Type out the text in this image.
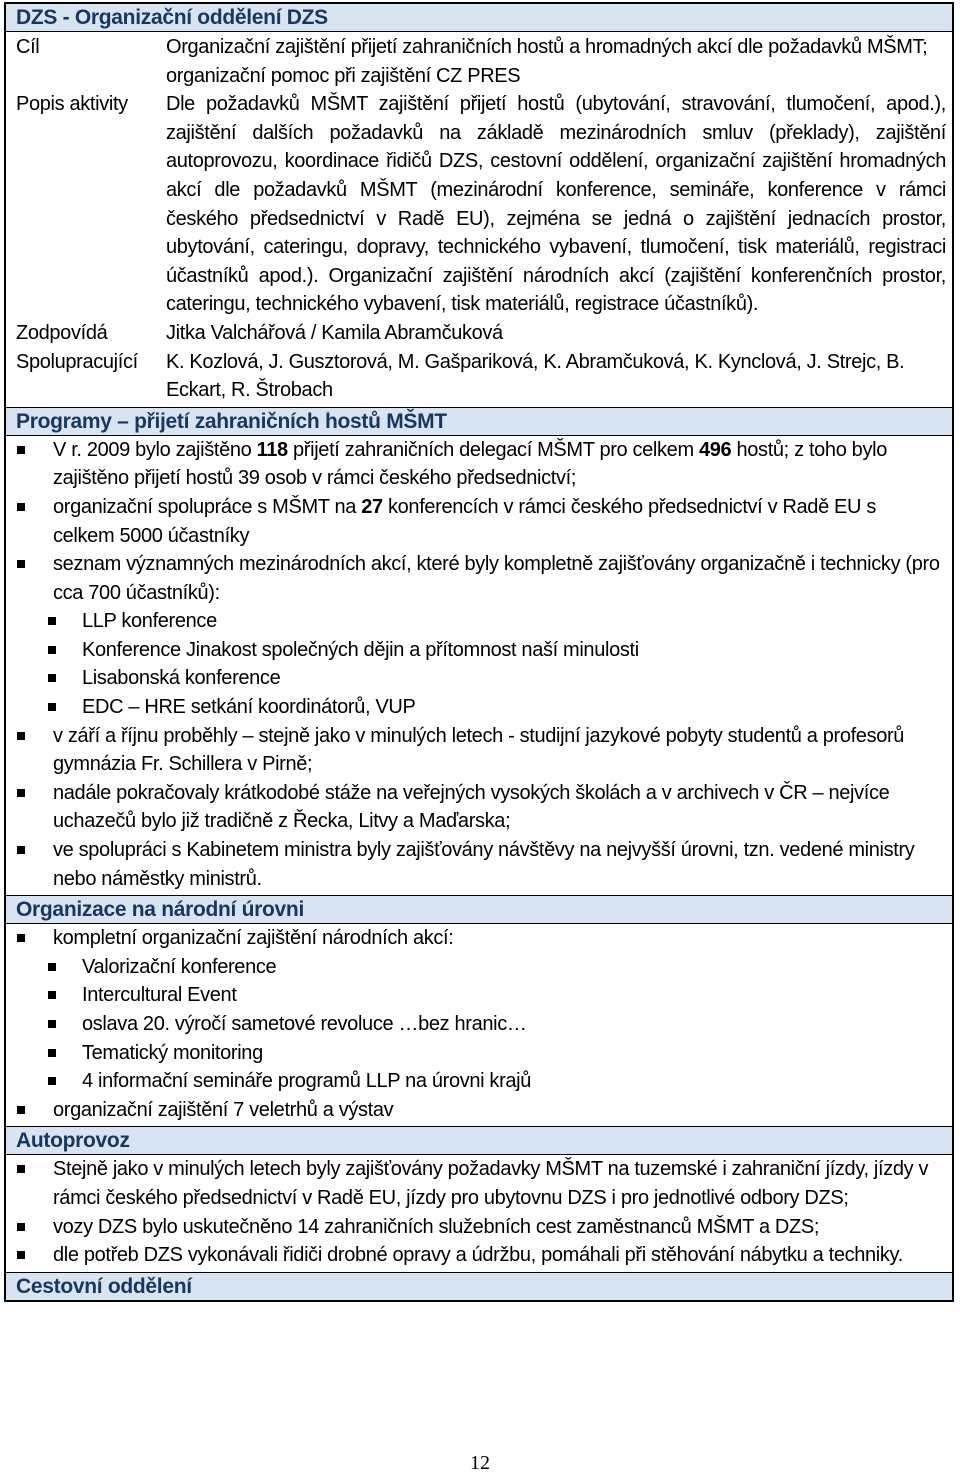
DZS - Organizační oddělení DZS
Cíl	Organizační zajištění přijetí zahraničních hostů a hromadných akcí dle požadavků MŠMT; organizační pomoc při zajištění CZ PRES
Popis aktivity	Dle požadavků MŠMT zajištění přijetí hostů (ubytování, stravování, tlumočení, apod.), zajištění dalších požadavků na základě mezinárodních smluv (překlady), zajištění autoprovozu, koordinace řidičů DZS, cestovní oddělení, organizační zajištění hromadných akcí dle požadavků MŠMT (mezinárodní konference, semináře, konference v rámci českého předsednictví v Radě EU), zejména se jedná o zajištění jednacích prostor, ubytování, cateringu, dopravy, technického vybavení, tlumočení, tisk materiálů, registraci účastníků apod.). Organizační zajištění národních akcí (zajištění konferenčních prostor, cateringu, technického vybavení, tisk materiálů, registrace účastníků).
Zodpovídá	Jitka Valchářová / Kamila Abramčuková
Spolupracující	K. Kozlová, J. Gusztorová, M. Gašpariková, K. Abramčuková, K. Kynclová, J. Strejc, B. Eckart, R. Štrobach
Programy – přijetí zahraničních hostů MŠMT
V r. 2009 bylo zajištěno 118 přijetí zahraničních delegací MŠMT pro celkem 496 hostů; z toho bylo zajištěno přijetí hostů 39 osob v rámci českého předsednictví;
organizační spolupráce s MŠMT na 27 konferencích v rámci českého předsednictví v Radě EU s celkem 5000 účastníky
seznam významných mezinárodních akcí, které byly kompletně zajišťovány organizačně i technicky (pro cca 700 účastníků):
LLP konference
Konference Jinakost společných dějin a přítomnost naší minulosti
Lisabonská konference
EDC – HRE setkání koordinátorů, VUP
v září a říjnu proběhly – stejně jako v minulých letech - studijní jazykové pobyty studentů a profesorů gymnázia Fr. Schillera v Pirně;
nadále pokračovaly krátkodobé stáže na veřejných vysokých školách a v archivech v ČR – nejvíce uchazečů bylo již tradičně z Řecka, Litvy a Maďarska;
ve spolupráci s Kabinetem ministra byly zajišťovány návštěvy na nejvyšší úrovni, tzn. vedené ministry nebo náměstky ministrů.
Organizace na národní úrovni
kompletní organizační zajištění národních akcí:
Valorizační konference
Intercultural Event
oslava 20. výročí sametové revoluce …bez hranic…
Tematický monitoring
4 informační semináře programů LLP na úrovni krajů
organizační zajištění 7 veletrhů a výstav
Autoprovoz
Stejně jako v minulých letech byly zajišťovány požadavky MŠMT na tuzemské i zahraniční jízdy, jízdy v rámci českého předsednictví v Radě EU, jízdy pro ubytovnu DZS i pro jednotlivé odbory DZS;
vozy DZS bylo uskutečněno 14 zahraničních služebních cest zaměstnanců MŠMT a DZS;
dle potřeb DZS vykonávali řidiči drobné opravy a údržbu, pomáhali při stěhování nábytku a techniky.
Cestovní oddělení
12
